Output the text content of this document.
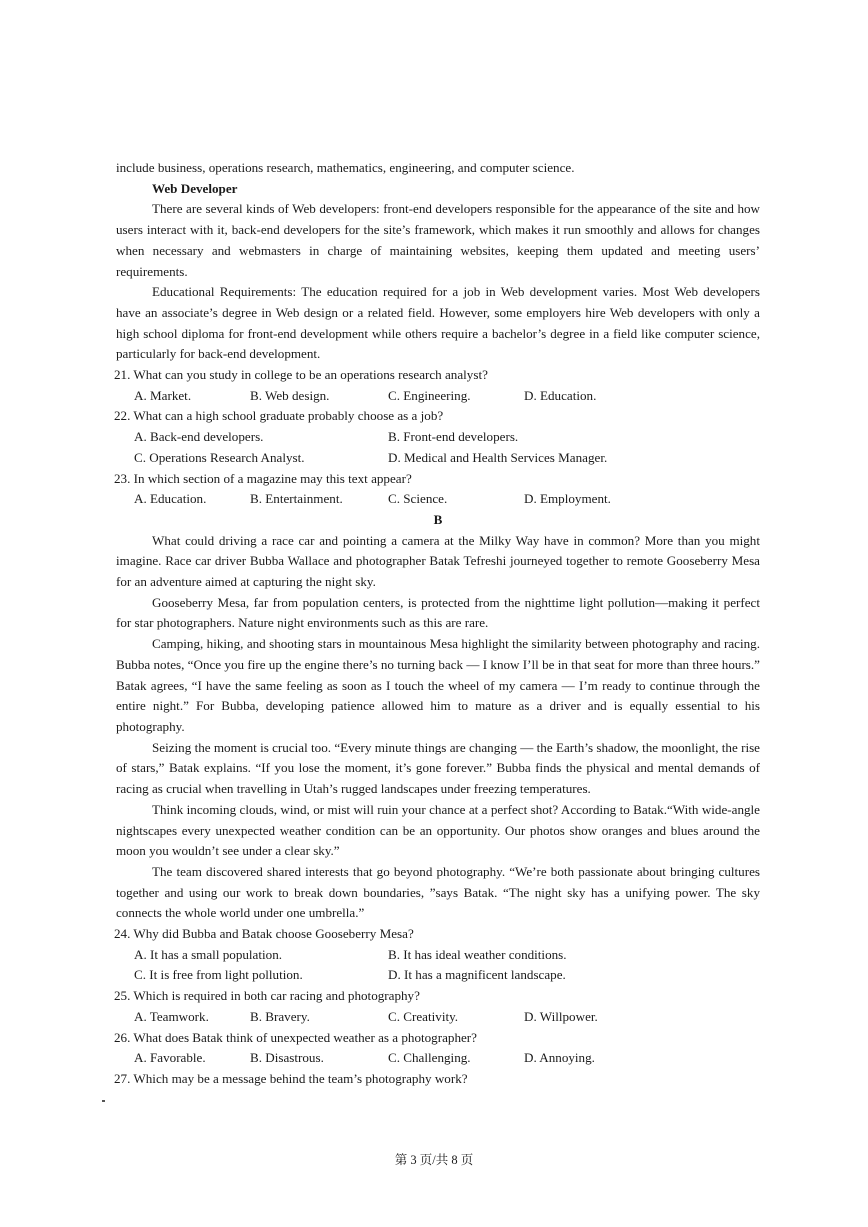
include business, operations research, mathematics, engineering, and computer science.

Web Developer

There are several kinds of Web developers: front-end developers responsible for the appearance of the site and how users interact with it, back-end developers for the site’s framework, which makes it run smoothly and allows for changes when necessary and webmasters in charge of maintaining websites, keeping them updated and meeting users’ requirements.

Educational Requirements: The education required for a job in Web development varies. Most Web developers have an associate’s degree in Web design or a related field. However, some employers hire Web developers with only a high school diploma for front-end development while others require a bachelor’s degree in a field like computer science, particularly for back-end development.

21. What can you study in college to be an operations research analyst?

A. Market.	B. Web design.	C. Engineering.	D. Education.

22. What can a high school graduate probably choose as a job?

A. Back-end developers.	B. Front-end developers.
C. Operations Research Analyst.	D. Medical and Health Services Manager.

23. In which section of a magazine may this text appear?

A. Education.	B. Entertainment.	C. Science.	D. Employment.

B

What could driving a race car and pointing a camera at the Milky Way have in common? More than you might imagine. Race car driver Bubba Wallace and photographer Batak Tefreshi journeyed together to remote Gooseberry Mesa for an adventure aimed at capturing the night sky.

Gooseberry Mesa, far from population centers, is protected from the nighttime light pollution—making it perfect for star photographers. Nature night environments such as this are rare.

Camping, hiking, and shooting stars in mountainous Mesa highlight the similarity between photography and racing. Bubba notes, “Once you fire up the engine there’s no turning back — I know I’ll be in that seat for more than three hours.” Batak agrees, “I have the same feeling as soon as I touch the wheel of my camera — I’m ready to continue through the entire night.” For Bubba, developing patience allowed him to mature as a driver and is equally essential to his photography.

Seizing the moment is crucial too. “Every minute things are changing — the Earth’s shadow, the moonlight, the rise of stars,” Batak explains. “If you lose the moment, it’s gone forever.” Bubba finds the physical and mental demands of racing as crucial when travelling in Utah’s rugged landscapes under freezing temperatures.

Think incoming clouds, wind, or mist will ruin your chance at a perfect shot? According to Batak.“With wide-angle nightscapes every unexpected weather condition can be an opportunity. Our photos show oranges and blues around the moon you wouldn’t see under a clear sky.”

The team discovered shared interests that go beyond photography. “We’re both passionate about bringing cultures together and using our work to break down boundaries, ”says Batak. “The night sky has a unifying power. The sky connects the whole world under one umbrella.”

24. Why did Bubba and Batak choose Gooseberry Mesa?

A. It has a small population.	B. It has ideal weather conditions.
C. It is free from light pollution.	D. It has a magnificent landscape.

25. Which is required in both car racing and photography?

A. Teamwork.	B. Bravery.	C. Creativity.	D. Willpower.

26. What does Batak think of unexpected weather as a photographer?

A. Favorable.	B. Disastrous.	C. Challenging.	D. Annoying.

27. Which may be a message behind the team’s photography work?

第 3 页/共 8 页
